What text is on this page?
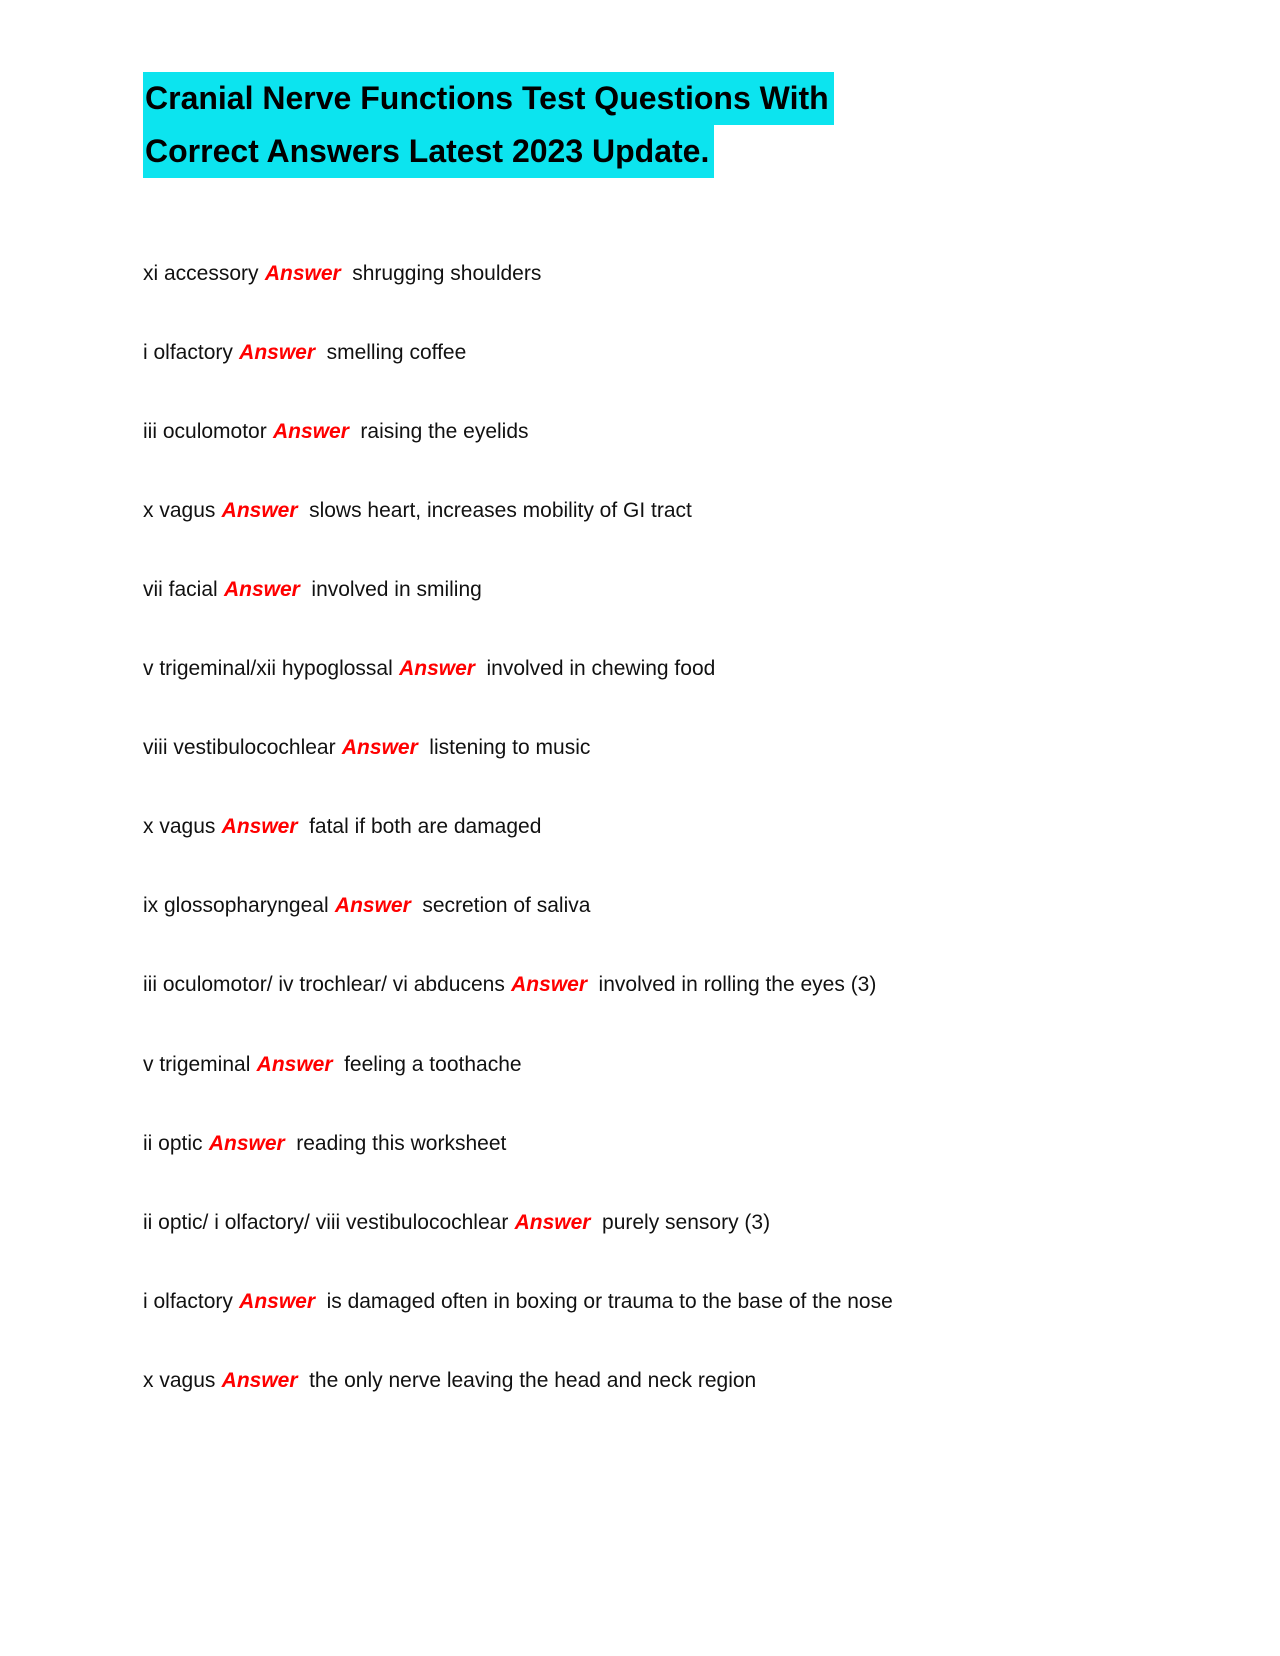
Cranial Nerve Functions Test Questions With
Correct Answers Latest 2023 Update.

xi accessory Answer shrugging shoulders

i olfactory Answer smelling coffee

iii oculomotor Answer raising the eyelids

x vagus Answer slows heart, increases mobility of GI tract

vii facial Answer involved in smiling

v trigeminal/xii hypoglossal Answer involved in chewing food

viii vestibulocochlear Answer listening to music

x vagus Answer fatal if both are damaged

ix glossopharyngeal Answer secretion of saliva

iii oculomotor/ iv trochlear/ vi abducens Answer involved in rolling the eyes (3)

v trigeminal Answer feeling a toothache

ii optic Answer reading this worksheet

ii optic/ i olfactory/ viii vestibulocochlear Answer purely sensory (3)

i olfactory Answer is damaged often in boxing or trauma to the base of the nose

x vagus Answer the only nerve leaving the head and neck region
